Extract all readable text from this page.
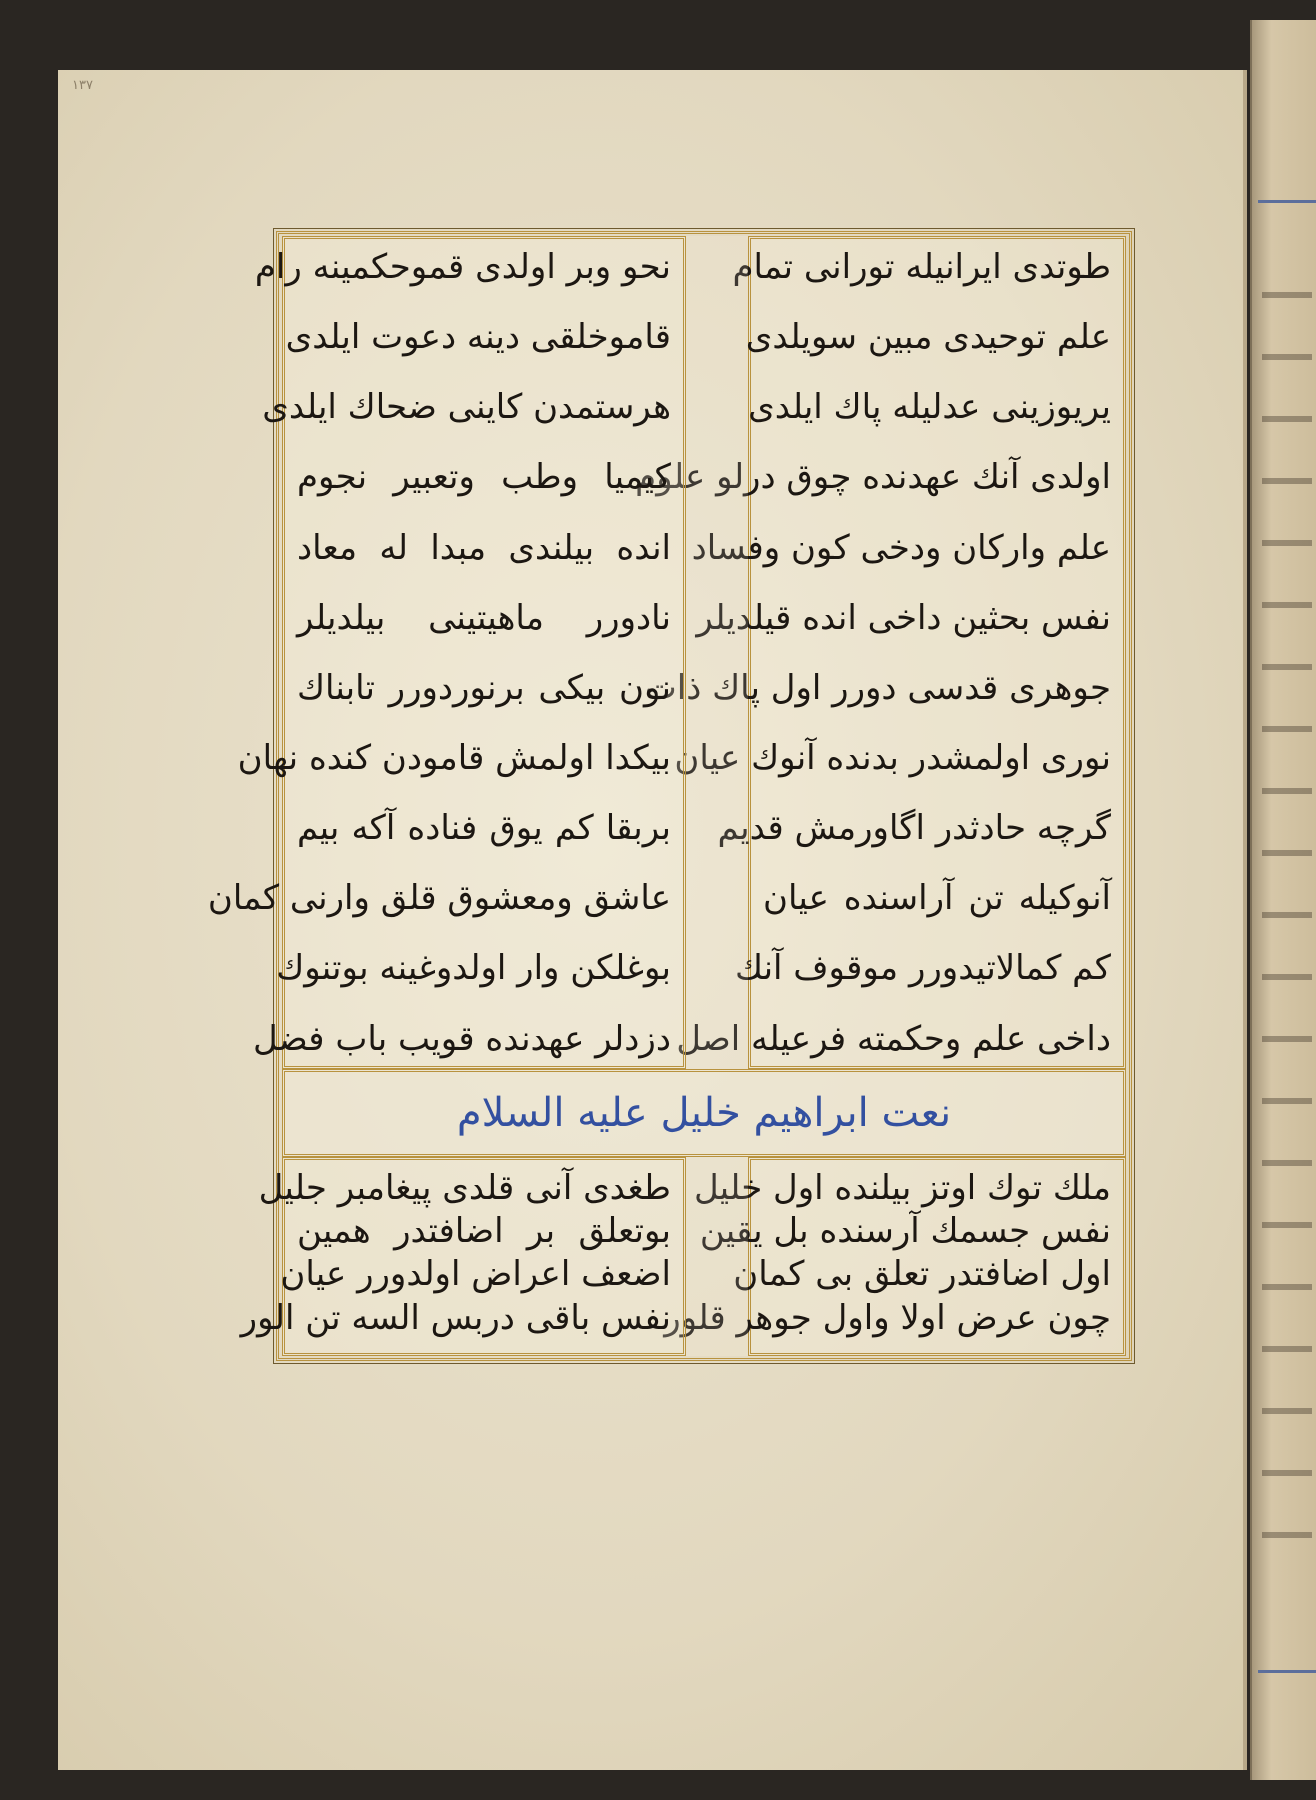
١٣٧
طوتدی ایرانیله تورانی تمام
علم توحیدی مبین سویلدی
یریوزینی عدلیله پاك ایلدی
اولدی آنك عهدنده چوق درلو علوم
علم وارکان ودخی کون وفساد
نفس بحثین داخی انده قیلدیلر
جوهری قدسی دورر اول پاك ذات
نوری اولمشدر بدنده آنوك عیان
گرچه حادثدر اگاورمش قدیم
آنوکیله تن آراسنده عیان
کم کمالاتیدورر موقوف آنك
داخی علم وحکمته فرعیله اصل
نحو وبر اولدی قموحکمینه رام
قاموخلقی دینه دعوت ایلدی
هرستمدن کاینی ضحاك ایلدی
کیمیا وطب وتعبیر نجوم
انده بیلندی مبدا له معاد
نادورر ماهیتینی بیلدیلر
نون بیکی برنوردورر تابناك
بیکدا اولمش قامودن کنده نهان
بربقا کم یوق فناده آکه بیم
عاشق ومعشوق قلق وارنی کمان
بوغلکن وار اولدوغینه بوتنوك
دزدلر عهدنده قویب باب فضل
نعت ابراهیم خلیل علیه السلام
ملك توك اوتز بیلنده اول خلیل
نفس جسمك آرسنده بل یقین
اول اضافتدر تعلق بی کمان
چون عرض اولا واول جوهر قلور
طغدی آنی قلدی پیغامبر جلیل
بوتعلق بر اضافتدر همین
اضعف اعراض اولدورر عیان
نفس باقی دربس السه تن الور
